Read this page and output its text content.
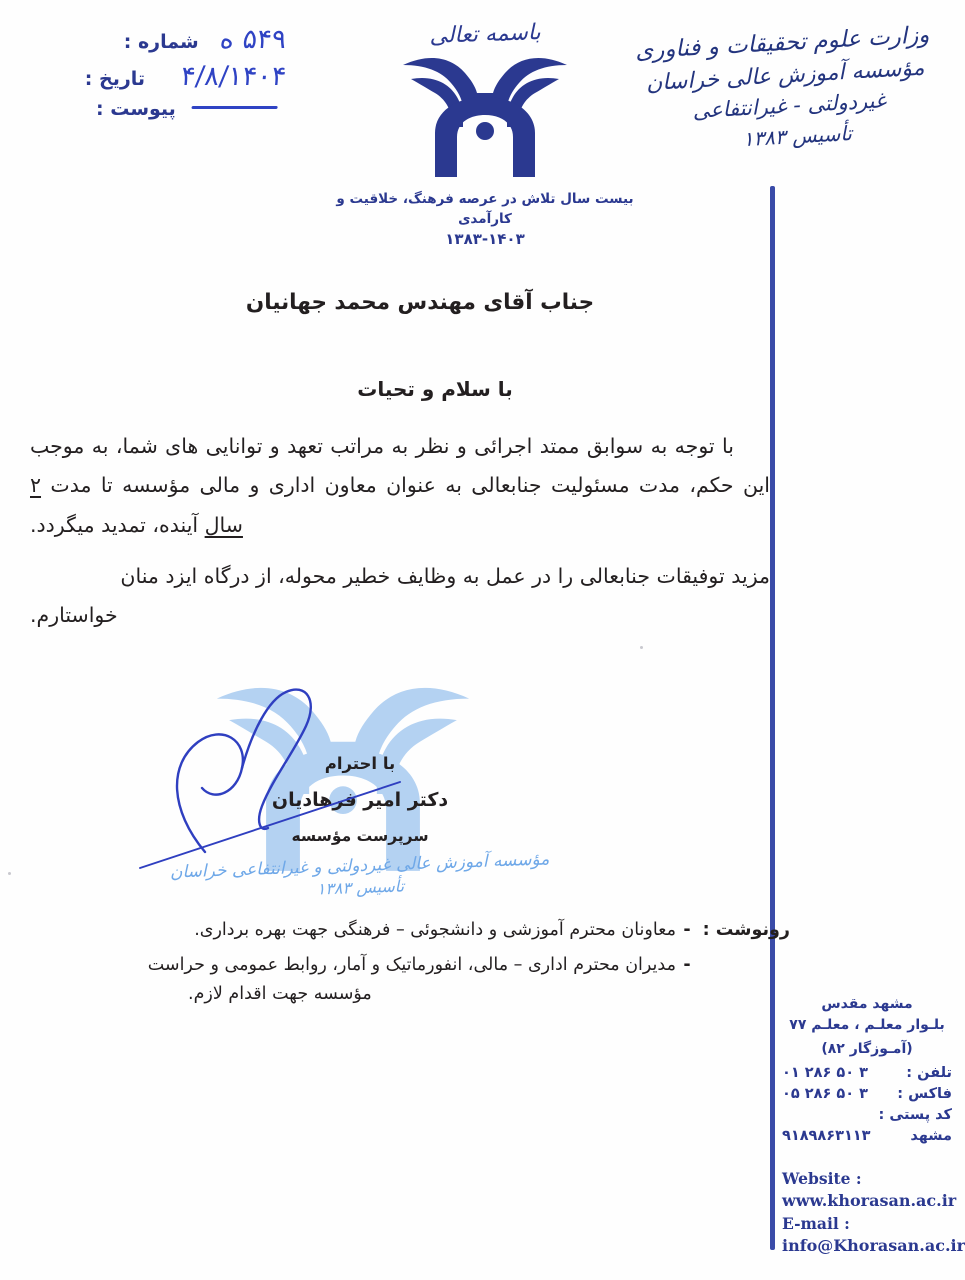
۵۴۹ ه
شماره :
۴/۸/۱۴۰۴
تاریخ :
پیوست :
باسمه تعالی
بیست سال تلاش در عرصه فرهنگ، خلاقیت و کارآمدی
۱۳۸۳-۱۴۰۳
وزارت علوم تحقیقات و فناوری
مؤسسه آموزش عالی خراسان
غیردولتی - غیرانتفاعی
تأسیس ۱۳۸۳
جناب آقای مهندس محمد جهانیان
با سلام و تحیات
با توجه به سوابق ممتد اجرائی و نظر به مراتب تعهد و توانایی های شما، به موجب این حکم، مدت مسئولیت جنابعالی به عنوان معاون اداری و مالی مؤسسه تا مدت ۲ سال آینده، تمدید میگردد.
مزید توفیقات جنابعالی را در عمل به وظایف خطیر محوله، از درگاه ایزد منان خواستارم.
با احترام
دکتر امیر فرهادیان
سرپرست مؤسسه
مؤسسه آموزش عالی غیردولتی و غیرانتفاعی خراسان
تأسیس ۱۳۸۳
رونوشت :
-
معاونان محترم آموزشی و دانشجوئی – فرهنگی جهت بهره برداری.
-
مدیران محترم اداری – مالی، انفورماتیک و آمار، روابط عمومی و حراست
مؤسسه جهت اقدام لازم.
مشهد مقدس
بلـوار معلـم ، معلـم ۷۷
(آمـوزگار ۸۲)
تلفن :
۳ ۵۰ ۲۸۶ ۰۱
فاکس :
۳ ۵۰ ۲۸۶ ۰۵
کد پستی :
مشهد
۹۱۸۹۸۶۳۱۱۳
Website :
www.khorasan.ac.ir
E-mail :
info@Khorasan.ac.ir
